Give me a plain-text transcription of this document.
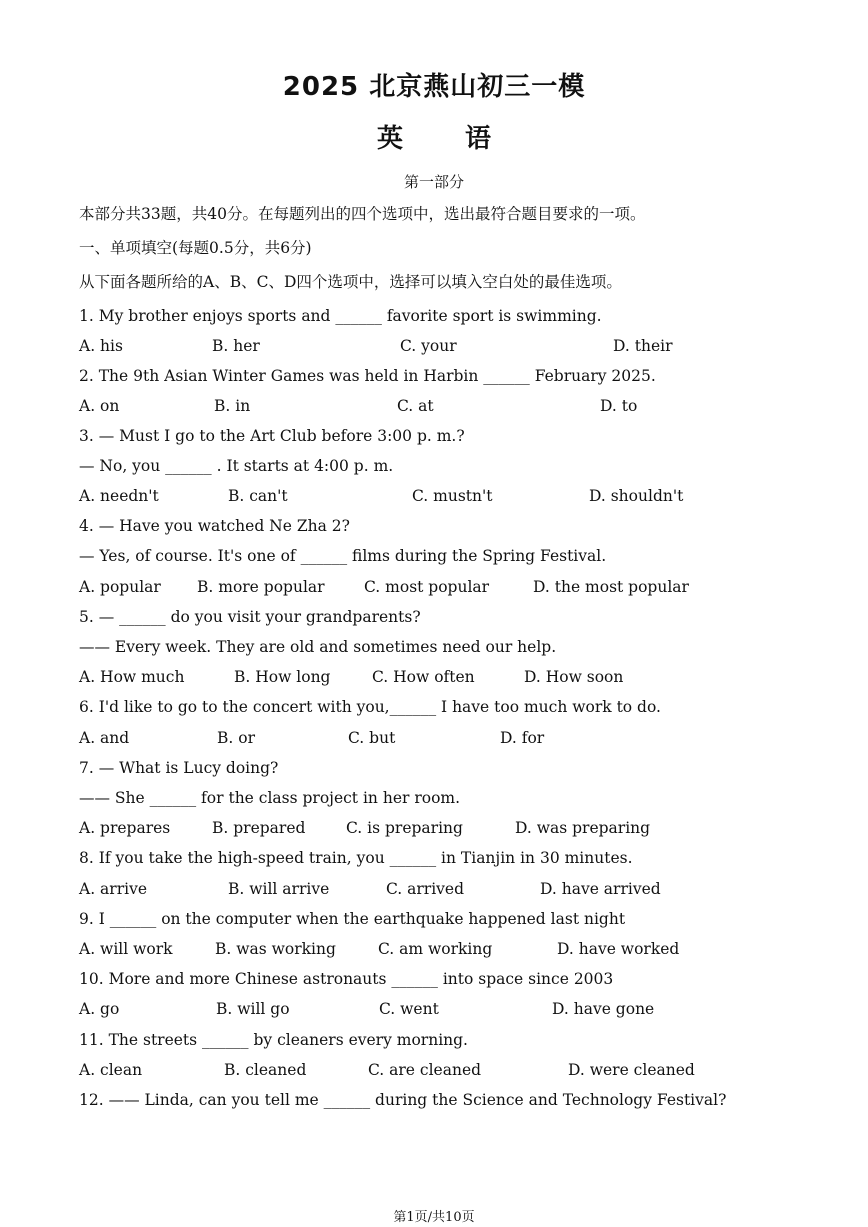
2025 北京燕山初三一模
英语
第一部分
本部分共33题，共40分。在每题列出的四个选项中，选出最符合题目要求的一项。
一、单项填空(每题0.5分，共6分)
从下面各题所给的A、B、C、D四个选项中，选择可以填入空白处的最佳选项。
1. My brother enjoys sports and ______ favorite sport is swimming.
A. his	B. her	C. your	D. their
2. The 9th Asian Winter Games was held in Harbin ______ February 2025.
A. on	B. in	C. at	D. to
3. — Must I go to the Art Club before 3:00 p. m.?
— No, you ______ . It starts at 4:00 p. m.
A. needn't	B. can't	C. mustn't	D. shouldn't
4. — Have you watched Ne Zha 2?
— Yes, of course. It's one of ______ films during the Spring Festival.
A. popular B. more popular	C. most popular	D. the most popular
5. — ______ do you visit your grandparents?
—— Every week. They are old and sometimes need our help.
A. How much	B. How long	C. How often	D. How soon
6. I'd like to go to the concert with you,______ I have too much work to do.
A. and	B. or	C. but	D. for
7. — What is Lucy doing?
—— She ______ for the class project in her room.
A. prepares	B. prepared	C. is preparing	D. was preparing
8. If you take the high-speed train, you ______ in Tianjin in 30 minutes.
A. arrive	B. will arrive	C. arrived	D. have arrived
9. I ______ on the computer when the earthquake happened last night
A. will work	B. was working	C. am working	D. have worked
10. More and more Chinese astronauts ______ into space since 2003
A. go	B. will go	C. went	D. have gone
11. The streets ______ by cleaners every morning.
A. clean	B. cleaned	C. are cleaned	D. were cleaned
12. —— Linda, can you tell me ______ during the Science and Technology Festival?
第1页/共10页
